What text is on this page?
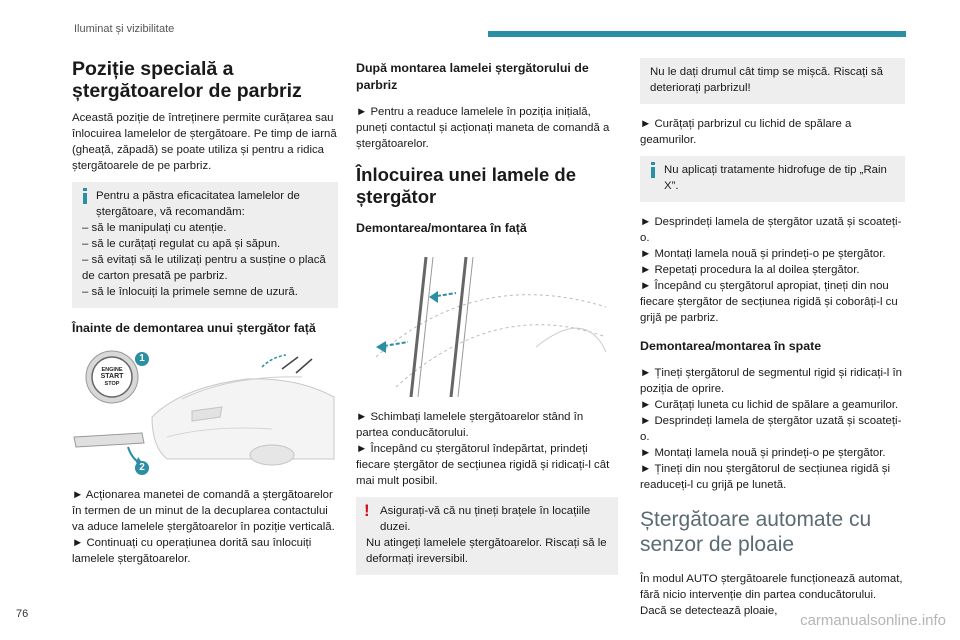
Iluminat și vizibilitate
Poziție specială a ștergătoarelor de parbriz

Această poziție de întreținere permite curățarea sau înlocuirea lamelelor de ștergătoare. Pe timp de iarnă (gheață, zăpadă) se poate utiliza și pentru a ridica ștergătoarele de pe parbriz.

Pentru a păstra eficacitatea lamelelor de ștergătoare, vă recomandăm:
– să le manipulați cu atenție.
– să le curățați regulat cu apă și săpun.
– să evitați să le utilizați pentru a susține o placă de carton presată pe parbriz.
– să le înlocuiți la primele semne de uzură.
Înainte de demontarea unui ștergător față
ENGINE
START
STOP
1
2

► Acționarea manetei de comandă a ștergătoarelor în termen de un minut de la decuplarea contactului va aduce lamelele ștergătoarelor în poziție verticală.

► Continuați cu operațiunea dorită sau înlocuiți lamelele ștergătoarelor.

După montarea lamelei ștergătorului de parbriz

► Pentru a readuce lamelele în poziția inițială, puneți contactul și acționați maneta de comandă a ștergătoarelor.

Înlocuirea unei lamele de ștergător
Demontarea/montarea în față

► Schimbați lamelele ștergătoarelor stând în partea conducătorului.

► Începând cu ștergătorul îndepărtat, prindeți fiecare ștergător de secțiunea rigidă și ridicați-l cât mai mult posibil.

! Asigurați-vă că nu țineți brațele în locațiile duzei.
Nu atingeți lamelele ștergătoarelor. Riscați să le deformați ireversibil.
Nu le dați drumul cât timp se mișcă. Riscați să deteriorați parbrizul!

► Curățați parbrizul cu lichid de spălare a geamurilor.

Nu aplicați tratamente hidrofuge de tip „Rain X”.

► Desprindeți lamela de ștergător uzată și scoateți-o.

► Montați lamela nouă și prindeți-o pe ștergător.

► Repetați procedura la al doilea ștergător.

► Începând cu ștergătorul apropiat, țineți din nou fiecare ștergător de secțiunea rigidă și coborâți-l cu grijă pe parbriz.

Demontarea/montarea în spate

► Țineți ștergătorul de segmentul rigid și ridicați-l în poziția de oprire.

► Curățați luneta cu lichid de spălare a geamurilor.

► Desprindeți lamela de ștergător uzată și scoateți-o.

► Montați lamela nouă și prindeți-o pe ștergător.

► Țineți din nou ștergătorul de secțiunea rigidă și readuceți-l cu grijă pe lunetă.

Ștergătoare automate cu senzor de ploaie

În modul AUTO ștergătoarele funcționează automat, fără nicio intervenție din partea conducătorului. Dacă se detectează ploaie,

76	carmanualsonline.info
